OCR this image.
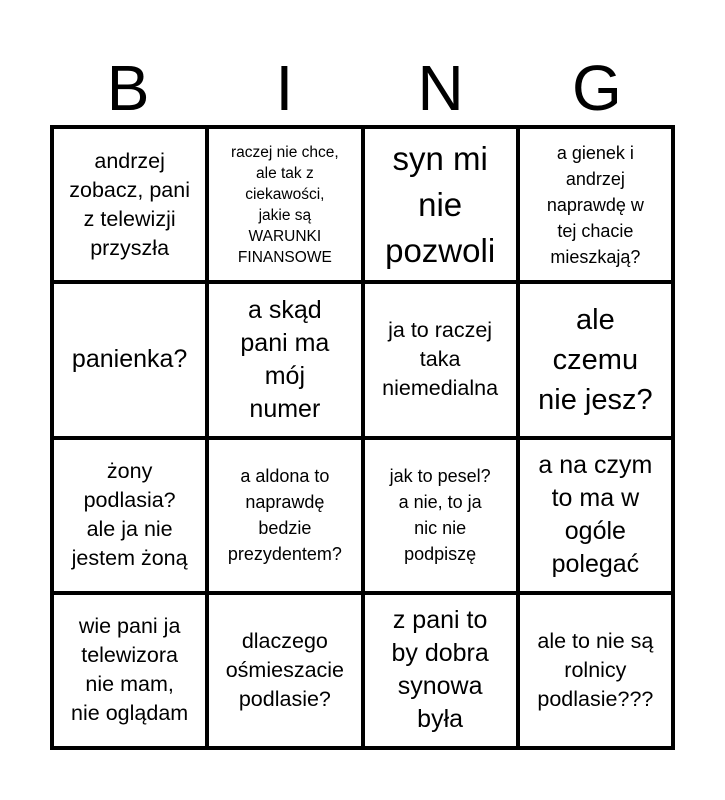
B	I	N	G
andrzej
zobacz, pani
z telewizji
przyszła
raczej nie chce,
ale tak z
ciekawości,
jakie są
WARUNKI
FINANSOWE
syn mi
nie
pozwoli
a gienek i
andrzej
naprawdę w
tej chacie
mieszkają?
panienka?
a skąd
pani ma
mój
numer
ja to raczej
taka
niemedialna
ale
czemu
nie jesz?
żony
podlasia?
ale ja nie
jestem żoną
a aldona to
naprawdę
bedzie
prezydentem?
jak to pesel?
a nie, to ja
nic nie
podpiszę
a na czym
to ma w
ogóle
polegać
wie pani ja
telewizora
nie mam,
nie oglądam
dlaczego
ośmieszacie
podlasie?
z pani to
by dobra
synowa
była
ale to nie są
rolnicy
podlasie???
